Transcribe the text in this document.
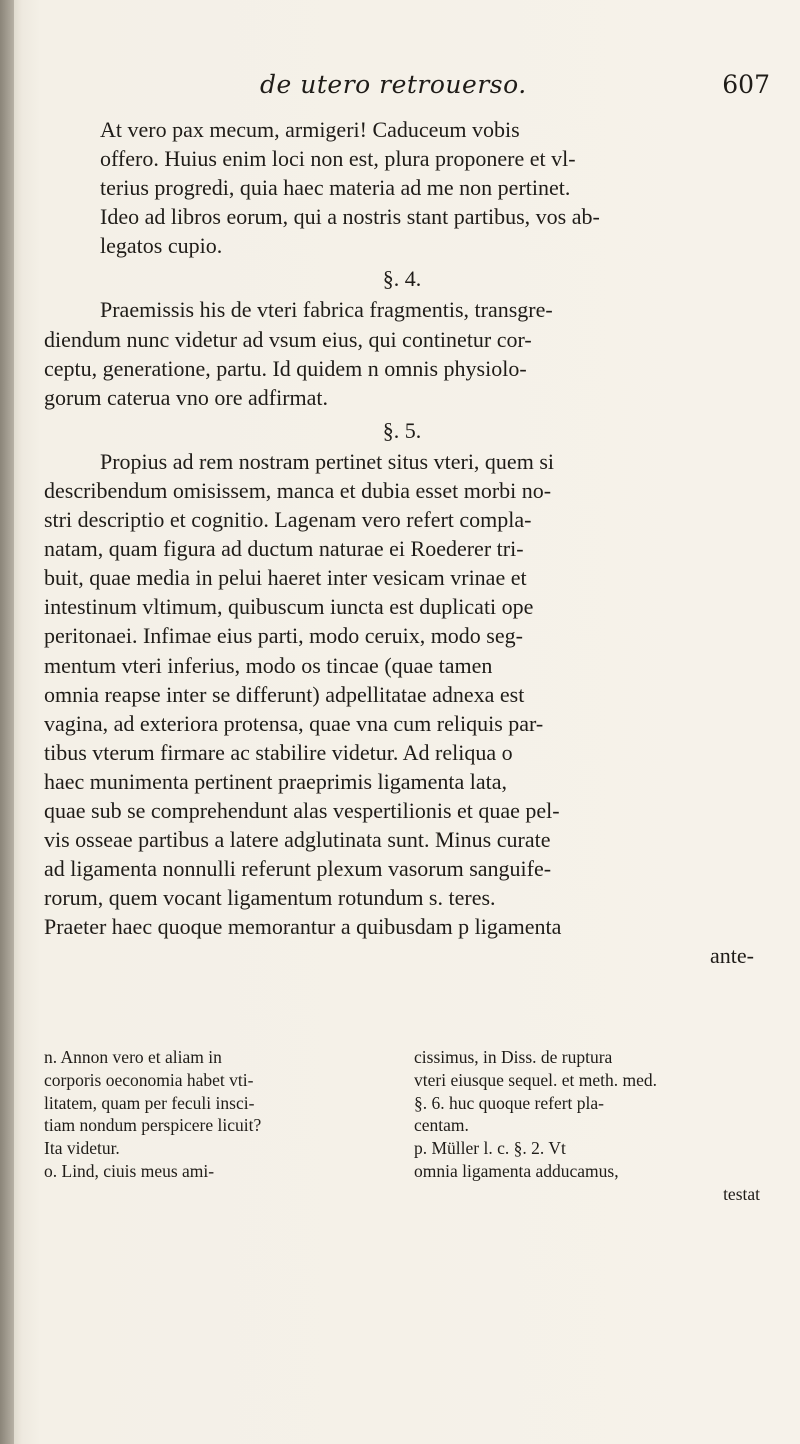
de utero retrouerso.	607

At vero pax mecum, armigeri! Caduceum vobis
offero. Huius enim loci non est, plura proponere et vl-
terius progredi, quia haec materia ad me non pertinet.
Ideo ad libros eorum, qui a nostris stant partibus, vos ab-
legatos cupio.

§. 4.

Praemissis his de vteri fabrica fragmentis, transgre-
diendum nunc videtur ad vsum eius, qui continetur cor-
ceptu, generatione, partu. Id quidem n omnis physiolo-
gorum caterua vno ore adfirmat.

§. 5.

Propius ad rem nostram pertinet situs vteri, quem si
describendum omisissem, manca et dubia esset morbi no-
stri descriptio et cognitio. Lagenam vero refert compla-
natam, quam figura ad ductum naturae ei Roederer tri-
buit, quae media in pelui haeret inter vesicam vrinae et
intestinum vltimum, quibuscum iuncta est duplicati ope
peritonaei. Infimae eius parti, modo ceruix, modo seg-
mentum vteri inferius, modo os tincae (quae tamen
omnia reapse inter se differunt) adpellitatae adnexa est
vagina, ad exteriora protensa, quae vna cum reliquis par-
tibus vterum firmare ac stabilire videtur. Ad reliqua o
haec munimenta pertinent praeprimis ligamenta lata,
quae sub se comprehendunt alas vespertilionis et quae pel-
vis osseae partibus a latere adglutinata sunt. Minus curate
ad ligamenta nonnulli referunt plexum vasorum sanguife-
rorum, quem vocant ligamentum rotundum s. teres.
Praeter haec quoque memorantur a quibusdam p ligamenta

ante-

n. Annon vero et aliam in
corporis oeconomia habet vti-
litatem, quam per feculi insci-
tiam nondum perspicere licuit?
Ita videtur.
o. Lind, ciuis meus ami-
cissimus, in Diss. de ruptura
vteri eiusque sequel. et meth. med.
§. 6. huc quoque refert pla-
centam.
p. Müller l. c. §. 2. Vt
omnia ligamenta adducamus,
testat
